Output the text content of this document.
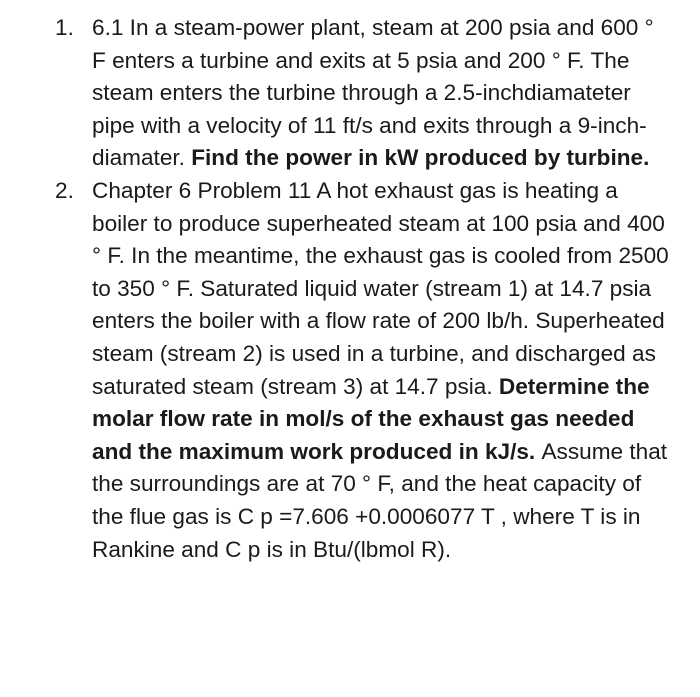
1. 6.1 In a steam-power plant, steam at 200 psia and 600 ° F enters a turbine and exits at 5 psia and 200 ° F. The steam enters the turbine through a 2.5-inchdiamateter pipe with a velocity of 11 ft/s and exits through a 9-inch-diamater. Find the power in kW produced by turbine.
2. Chapter 6 Problem 11 A hot exhaust gas is heating a boiler to produce superheated steam at 100 psia and 400 ° F. In the meantime, the exhaust gas is cooled from 2500 to 350 ° F. Saturated liquid water (stream 1) at 14.7 psia enters the boiler with a flow rate of 200 lb/h. Superheated steam (stream 2) is used in a turbine, and discharged as saturated steam (stream 3) at 14.7 psia. Determine the molar flow rate in mol/s of the exhaust gas needed and the maximum work produced in kJ/s. Assume that the surroundings are at 70 ° F, and the heat capacity of the flue gas is C p =7.606 +0.0006077 T , where T is in Rankine and C p is in Btu/(lbmol R).
